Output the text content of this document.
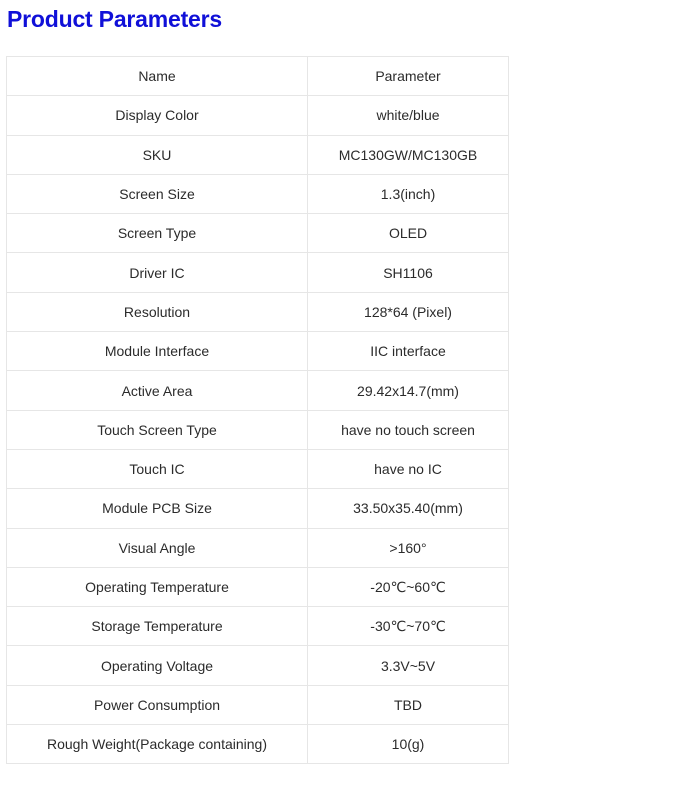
Product Parameters
Name	Parameter
Display Color	white/blue
SKU	MC130GW/MC130GB
Screen Size	1.3(inch)
Screen Type	OLED
Driver IC	SH1106
Resolution	128*64 (Pixel)
Module Interface	IIC interface
Active Area	29.42x14.7(mm)
Touch Screen Type	have no touch screen
Touch IC	have no IC
Module PCB Size	33.50x35.40(mm)
Visual Angle	>160°
Operating Temperature	-20℃~60℃
Storage Temperature	-30℃~70℃
Operating Voltage	3.3V~5V
Power Consumption	TBD
Rough Weight(Package containing)	10(g)
